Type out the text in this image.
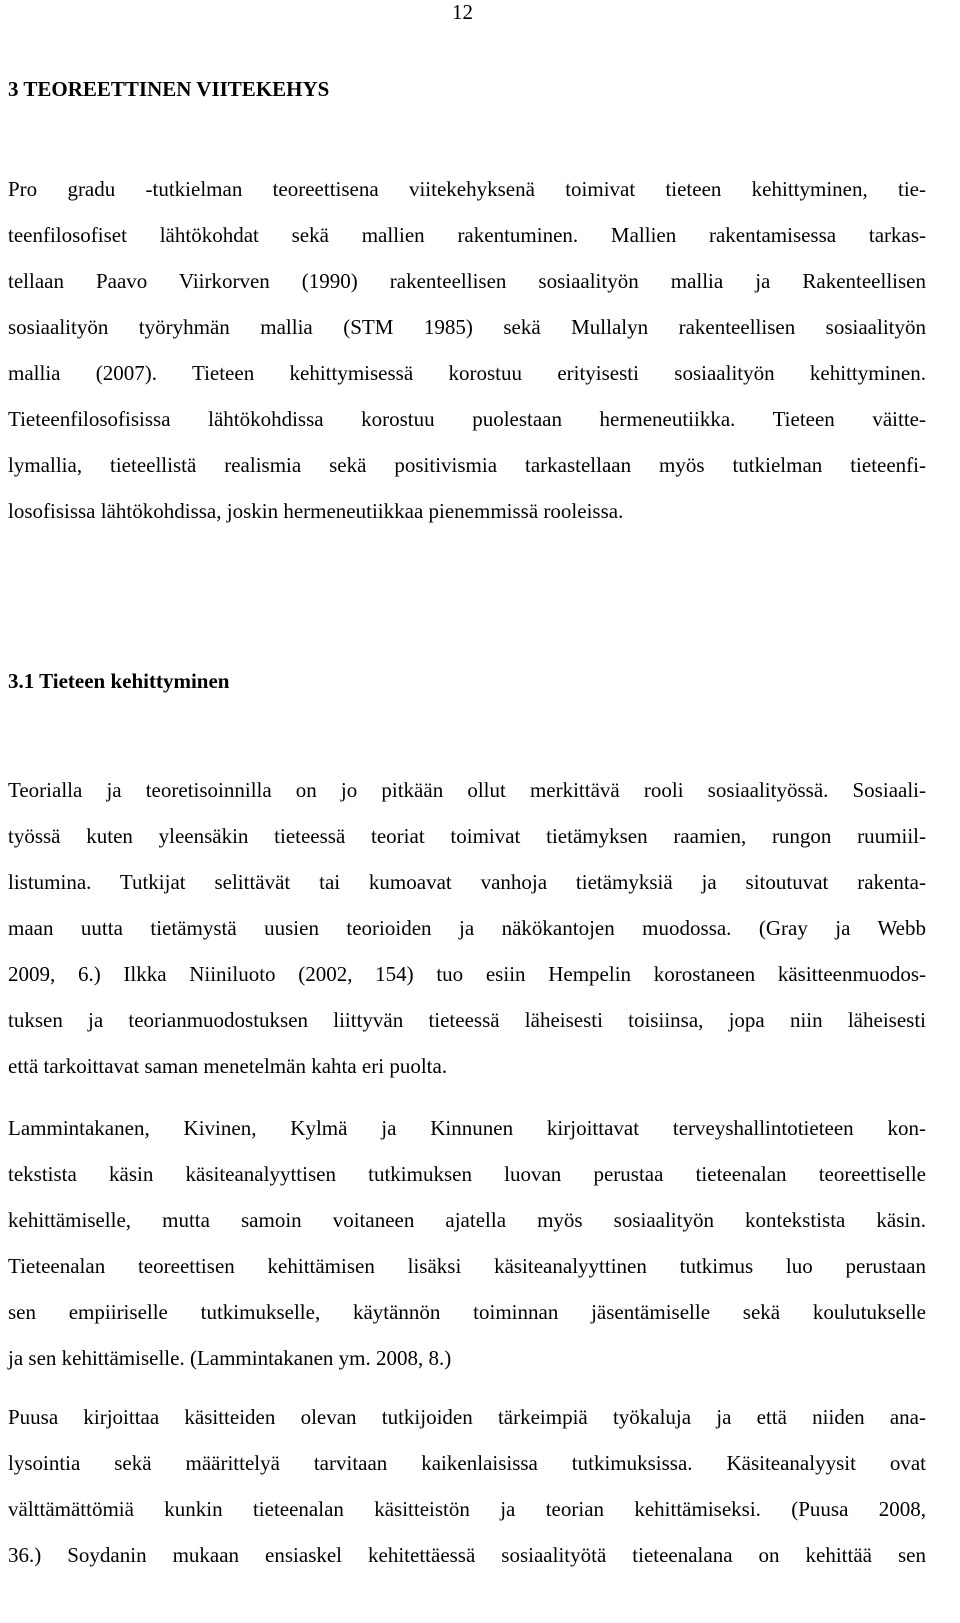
12
3 TEOREETTINEN VIITEKEHYS
Pro gradu -tutkielman teoreettisena viitekehyksenä toimivat tieteen kehittyminen, tie-
teenfilosofiset lähtökohdat sekä mallien rakentuminen. Mallien rakentamisessa tarkas-
tellaan Paavo Viirkorven (1990) rakenteellisen sosiaalityön mallia ja Rakenteellisen
sosiaalityön työryhmän mallia (STM 1985) sekä Mullalyn rakenteellisen sosiaalityön
mallia (2007). Tieteen kehittymisessä korostuu erityisesti sosiaalityön kehittyminen.
Tieteenfilosofisissa lähtökohdissa korostuu puolestaan hermeneutiikka. Tieteen väitte-
lymallia, tieteellistä realismia sekä positivismia tarkastellaan myös tutkielman tieteenfi-
losofisissa lähtökohdissa, joskin hermeneutiikkaa pienemmissä rooleissa.
3.1 Tieteen kehittyminen
Teorialla ja teoretisoinnilla on jo pitkään ollut merkittävä rooli sosiaalityössä. Sosiaali-
työssä kuten yleensäkin tieteessä teoriat toimivat tietämyksen raamien, rungon ruumiil-
listumina. Tutkijat selittävät tai kumoavat vanhoja tietämyksiä ja sitoutuvat rakenta-
maan uutta tietämystä uusien teorioiden ja näkökantojen muodossa. (Gray ja Webb
2009, 6.) Ilkka Niiniluoto (2002, 154) tuo esiin Hempelin korostaneen käsitteenmuodos-
tuksen ja teorianmuodostuksen liittyvän tieteessä läheisesti toisiinsa, jopa niin läheisesti
että tarkoittavat saman menetelmän kahta eri puolta.
Lammintakanen, Kivinen, Kylmä ja Kinnunen kirjoittavat terveyshallintotieteen kon-
tekstista käsin käsiteanalyyttisen tutkimuksen luovan perustaa tieteenalan teoreettiselle
kehittämiselle, mutta samoin voitaneen ajatella myös sosiaalityön kontekstista käsin.
Tieteenalan teoreettisen kehittämisen lisäksi käsiteanalyyttinen tutkimus luo perustaan
sen empiiriselle tutkimukselle, käytännön toiminnan jäsentämiselle sekä koulutukselle
ja sen kehittämiselle. (Lammintakanen ym. 2008, 8.)
Puusa kirjoittaa käsitteiden olevan tutkijoiden tärkeimpiä työkaluja ja että niiden ana-
lysointia sekä määrittelyä tarvitaan kaikenlaisissa tutkimuksissa. Käsiteanalyysit ovat
välttämättömiä kunkin tieteenalan käsitteistön ja teorian kehittämiseksi. (Puusa 2008,
36.) Soydanin mukaan ensiaskel kehitettäessä sosiaalityötä tieteenalana on kehittää sen
